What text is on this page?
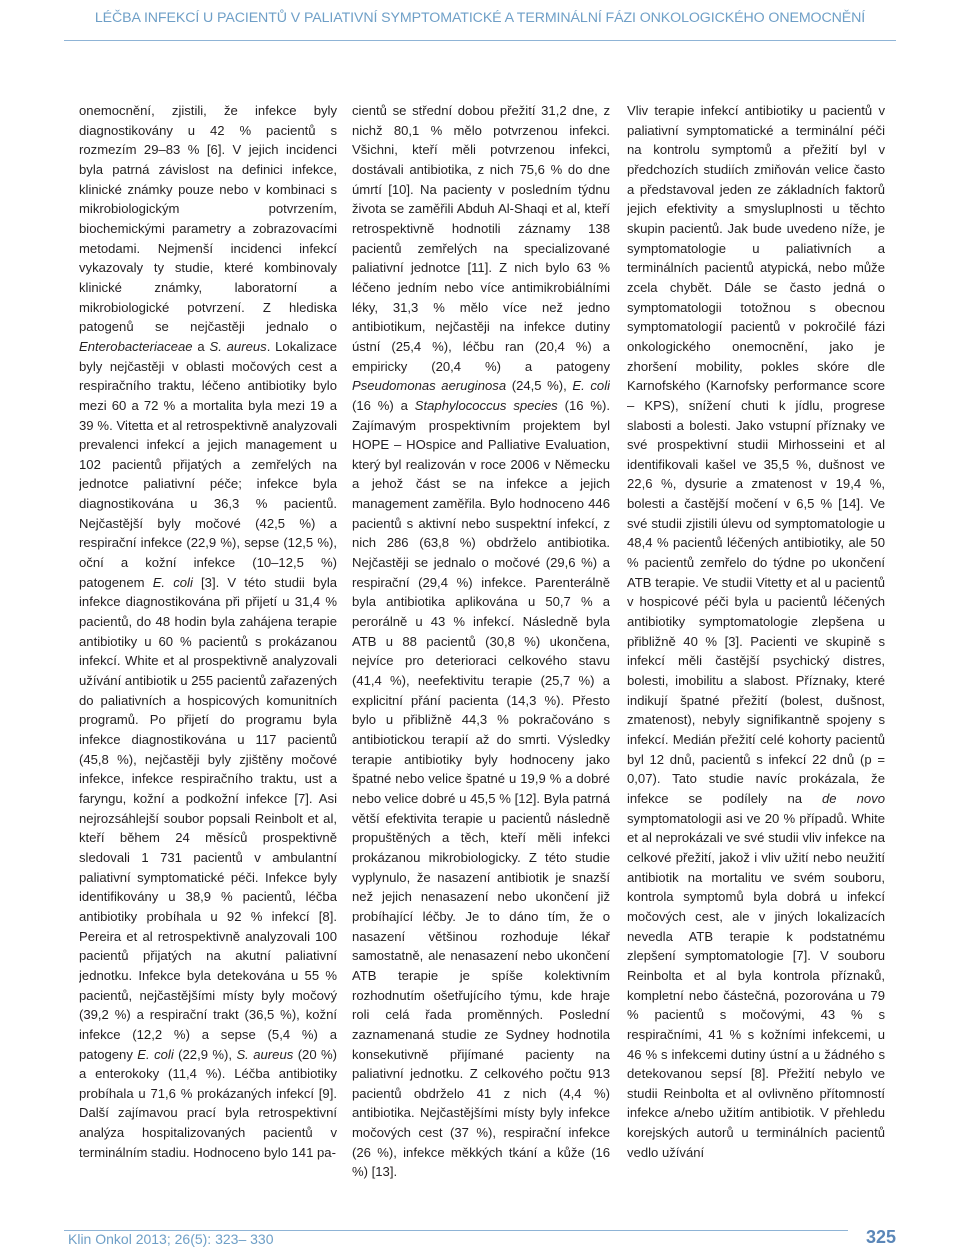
LÉČBA INFEKCÍ U PACIENTŮ V PALIATIVNÍ SYMPTOMATICKÉ A TERMINÁLNÍ FÁZI ONKOLOGICKÉHO ONEMOCNĚNÍ

onemocnění, zjistili, že infekce byly diagnostikovány u 42 % pacientů s rozmezím 29–83 % [6]. V jejich incidenci byla patrná závislost na definici infekce, klinické známky pouze nebo v kombinaci s mikrobiologickým potvrzením, biochemickými parametry a zobrazovacími metodami. Nejmenší incidenci infekcí vykazovaly ty studie, které kombinovaly klinické známky, laboratorní a mikrobiologické potvrzení. Z hlediska patogenů se nejčastěji jednalo o Enterobacteriaceae a S. aureus. Lokalizace byly nejčastěji v oblasti močových cest a respiračního traktu, léčeno antibiotiky bylo mezi 60 a 72 % a mortalita byla mezi 19 a 39 %. Vitetta et al retrospektivně analyzovali prevalenci infekcí a jejich management u 102 pacientů přijatých a zemřelých na jednotce paliativní péče; infekce byla diagnostikována u 36,3 % pacientů. Nejčastější byly močové (42,5 %) a respirační infekce (22,9 %), sepse (12,5 %), oční a kožní infekce (10–12,5 %) patogenem E. coli [3]. V této studii byla infekce diagnostikována při přijetí u 31,4 % pacientů, do 48 hodin byla zahájena terapie antibiotiky u 60 % pacientů s prokázanou infekcí. White et al prospektivně analyzovali užívání antibiotik u 255 pacientů zařazených do paliativních a hospicových komunitních programů. Po přijetí do programu byla infekce diagnostikována u 117 pacientů (45,8 %), nejčastěji byly zjištěny močové infekce, infekce respiračního traktu, ust a faryngu, kožní a podkožní infekce [7]. Asi nejrozsáhlejší soubor popsali Reinbolt et al, kteří během 24 měsíců prospektivně sledovali 1 731 pacientů v ambulantní paliativní symptomatické péči. Infekce byly identifikovány u 38,9 % pacientů, léčba antibiotiky probíhala u 92 % infekcí [8]. Pereira et al retrospektivně analyzovali 100 pacientů přijatých na akutní paliativní jednotku. Infekce byla detekována u 55 % pacientů, nejčastějšími místy byly močový (39,2 %) a respirační trakt (36,5 %), kožní infekce (12,2 %) a sepse (5,4 %) a patogeny E. coli (22,9 %), S. aureus (20 %) a enterokoky (11,4 %). Léčba antibiotiky probíhala u 71,6 % prokázaných infekcí [9]. Další zajímavou prací byla retrospektivní analýza hospitalizovaných pacientů v terminálním stadiu. Hodnoceno bylo 141 pa-

cientů se střední dobou přežití 31,2 dne, z nichž 80,1 % mělo potvrzenou infekci. Všichni, kteří měli potvrzenou infekci, dostávali antibiotika, z nich 75,6 % do dne úmrtí [10]. Na pacienty v posledním týdnu života se zaměřili Abduh Al-Shaqi et al, kteří retrospektivně hodnotili záznamy 138 pacientů zemřelých na specializované paliativní jednotce [11]. Z nich bylo 63 % léčeno jedním nebo více antimikrobiálními léky, 31,3 % mělo více než jedno antibiotikum, nejčastěji na infekce dutiny ústní (25,4 %), léčbu ran (20,4 %) a empiricky (20,4 %) a patogeny Pseudomonas aeruginosa (24,5 %), E. coli (16 %) a Staphylococcus species (16 %). Zajímavým prospektivním projektem byl HOPE – HOspice and Palliative Evaluation, který byl realizován v roce 2006 v Německu a jehož část se na infekce a jejich management zaměřila. Bylo hodnoceno 446 pacientů s aktivní nebo suspektní infekcí, z nich 286 (63,8 %) obdrželo antibiotika. Nejčastěji se jednalo o močové (29,6 %) a respirační (29,4 %) infekce. Parenterálně byla antibiotika aplikována u 50,7 % a perorálně u 43 % infekcí. Následně byla ATB u 88 pacientů (30,8 %) ukončena, nejvíce pro deterioraci celkového stavu (41,4 %), neefektivitu terapie (25,7 %) a explicitní přání pacienta (14,3 %). Přesto bylo u přibližně 44,3 % pokračováno s antibiotickou terapií až do smrti. Výsledky terapie antibiotiky byly hodnoceny jako špatné nebo velice špatné u 19,9 % a dobré nebo velice dobré u 45,5 % [12]. Byla patrná větší efektivita terapie u pacientů následně propuštěných a těch, kteří měli infekci prokázanou mikrobiologicky. Z této studie vyplynulo, že nasazení antibiotik je snazší než jejich nenasazení nebo ukončení již probíhající léčby. Je to dáno tím, že o nasazení většinou rozhoduje lékař samostatně, ale nenasazení nebo ukončení ATB terapie je spíše kolektivním rozhodnutím ošetřujícího týmu, kde hraje roli celá řada proměnných. Poslední zaznamenaná studie ze Sydney hodnotila konsekutivně přijímané pacienty na paliativní jednotku. Z celkového počtu 913 pacientů obdrželo 41 z nich (4,4 %) antibiotika. Nejčastějšími místy byly infekce močových cest (37 %), respirační infekce (26 %), infekce měkkých tkání a kůže (16 %) [13].

Vliv terapie infekcí antibiotiky u pacientů v paliativní symptomatické a terminální péči na kontrolu symptomů a přežití byl v předchozích studiích zmiňován velice často a představoval jeden ze základních faktorů jejich efektivity a smysluplnosti u těchto skupin pacientů. Jak bude uvedeno níže, je symptomatologie u paliativních a terminálních pacientů atypická, nebo může zcela chybět. Dále se často jedná o symptomatologii totožnou s obecnou symptomatologií pacientů v pokročilé fázi onkologického onemocnění, jako je zhoršení mobility, pokles skóre dle Karnofského (Karnofsky performance score – KPS), snížení chuti k jídlu, progrese slabosti a bolesti. Jako vstupní příznaky ve své prospektivní studii Mirhosseini et al identifikovali kašel ve 35,5 %, dušnost ve 22,6 %, dysurie a zmatenost v 19,4 %, bolesti a častější močení v 6,5 % [14]. Ve své studii zjistili úlevu od symptomatologie u 48,4 % pacientů léčených antibiotiky, ale 50 % pacientů zemřelo do týdne po ukončení ATB terapie. Ve studii Vitetty et al u pacientů v hospicové péči byla u pacientů léčených antibiotiky symptomatologie zlepšena u přibližně 40 % [3]. Pacienti ve skupině s infekcí měli častější psychický distres, bolesti, imobilitu a slabost. Příznaky, které indikují špatné přežití (bolest, dušnost, zmatenost), nebyly signifikantně spojeny s infekcí. Medián přežití celé kohorty pacientů byl 12 dnů, pacientů s infekcí 22 dnů (p = 0,07). Tato studie navíc prokázala, že infekce se podílely na de novo symptomatologii asi ve 20 % případů. White et al neprokázali ve své studii vliv infekce na celkové přežití, jakož i vliv užití nebo neužití antibiotik na mortalitu ve svém souboru, kontrola symptomů byla dobrá u infekcí močových cest, ale v jiných lokalizacích nevedla ATB terapie k podstatnému zlepšení symptomatologie [7]. V souboru Reinbolta et al byla kontrola příznaků, kompletní nebo částečná, pozorována u 79 % pacientů s močovými, 43 % s respiračními, 41 % s kožními infekcemi, u 46 % s infekcemi dutiny ústní a u žádného s detekovanou sepsí [8]. Přežití nebylo ve studii Reinbolta et al ovlivněno přítomností infekce a/nebo užitím antibiotik. V přehledu korejských autorů u terminálních pacientů vedlo užívání

Klin Onkol 2013; 26(5): 323– 330	325
